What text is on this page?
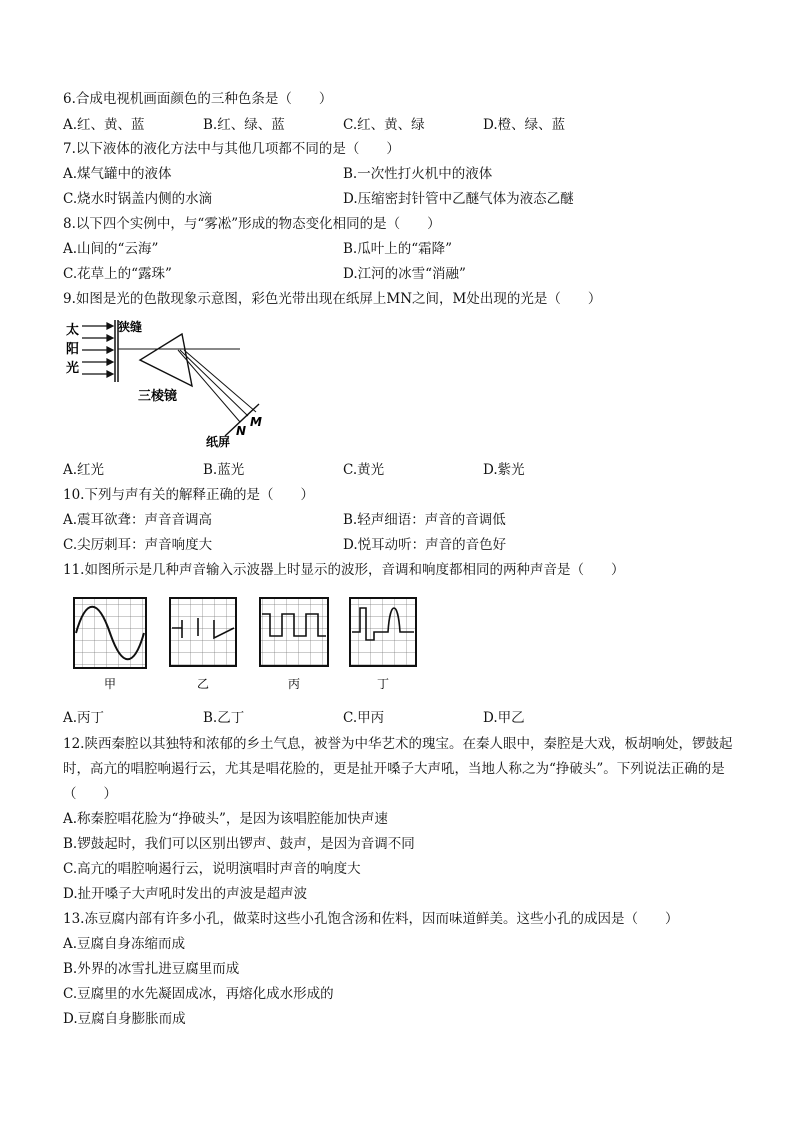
6.合成电视机画面颜色的三种色条是（　　）
A.红、黄、蓝	B.红、绿、蓝	C.红、黄、绿	D.橙、绿、蓝
7.以下液体的液化方法中与其他几项都不同的是（　　）
A.煤气罐中的液体	B.一次性打火机中的液体
C.烧水时锅盖内侧的水滴	D.压缩密封针管中乙醚气体为液态乙醚
8.以下四个实例中，与“雾凇”形成的物态变化相同的是（　　）
A.山间的“云海”	B.瓜叶上的“霜降”
C.花草上的“露珠”	D.江河的冰雪“消融”
9.如图是光的色散现象示意图，彩色光带出现在纸屏上MN之间，M处出现的光是（　　）
太
阳
光
狭缝
M
N
三棱镜
纸屏
A.红光	B.蓝光	C.黄光	D.紫光
10.下列与声有关的解释正确的是（　　）
A.震耳欲聋：声音音调高	B.轻声细语：声音的音调低
C.尖厉刺耳：声音响度大	D.悦耳动听：声音的音色好
11.如图所示是几种声音输入示波器上时显示的波形，音调和响度都相同的两种声音是（　　）
甲	乙	丙	丁
A.丙丁	B.乙丁	C.甲丙	D.甲乙
12.陕西秦腔以其独特和浓郁的乡土气息，被誉为中华艺术的瑰宝。在秦人眼中，秦腔是大戏，板胡响处，锣鼓起时，高亢的唱腔响遏行云，尤其是唱花脸的，更是扯开嗓子大声吼，当地人称之为“挣破头”。下列说法正确的是（　　）
A.称秦腔唱花脸为“挣破头”，是因为该唱腔能加快声速
B.锣鼓起时，我们可以区别出锣声、鼓声，是因为音调不同
C.高亢的唱腔响遏行云，说明演唱时声音的响度大
D.扯开嗓子大声吼时发出的声波是超声波
13.冻豆腐内部有许多小孔，做菜时这些小孔饱含汤和佐料，因而味道鲜美。这些小孔的成因是（　　）
A.豆腐自身冻缩而成
B.外界的冰雪扎进豆腐里而成
C.豆腐里的水先凝固成冰，再熔化成水形成的
D.豆腐自身膨胀而成
